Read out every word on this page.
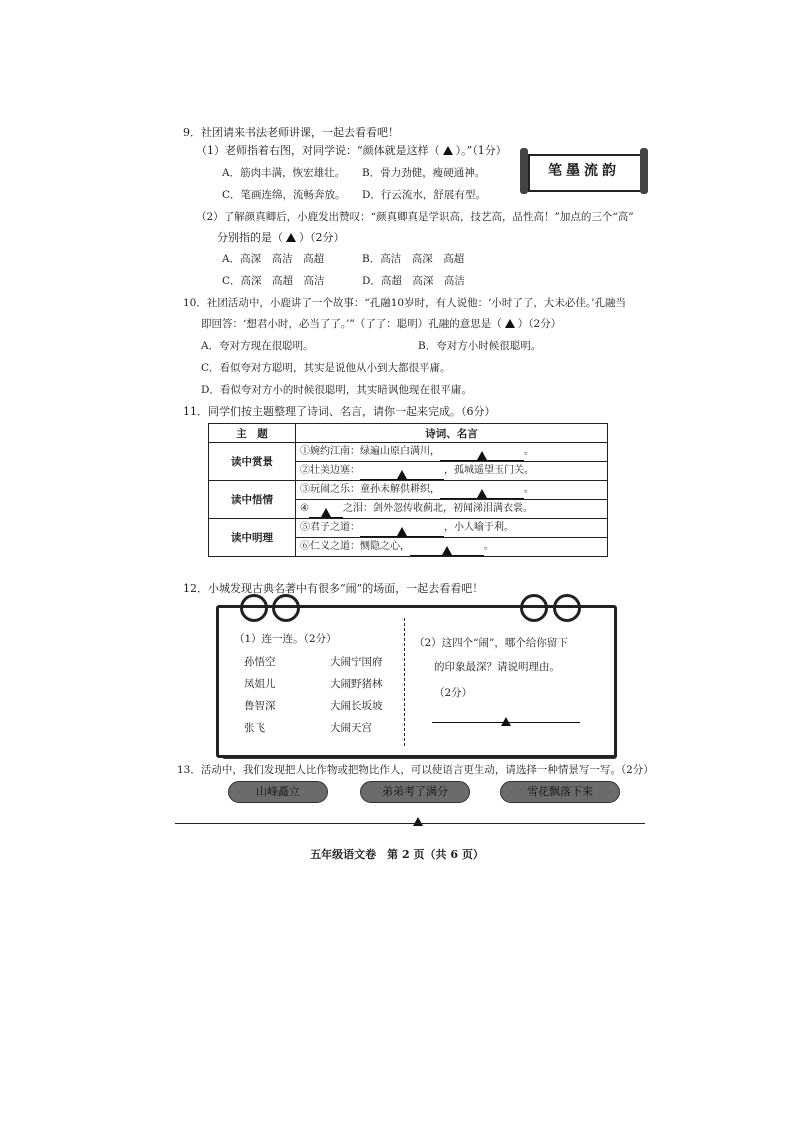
9．社团请来书法老师讲课，一起去看看吧！
（1）老师指着右图，对同学说：“颜体就是这样（ ）。”（1分）
A．筋肉丰满，恢宏雄壮。 B．骨力劲健，瘦硬通神。
C．笔画连绵，流畅奔放。 D．行云流水，舒展有型。
笔墨流韵
（2）了解颜真卿后，小鹿发出赞叹：“颜真卿真是学识高，技艺高，品性高！”加点的三个“高”
分别指的是（ ）（2分）
A．高深　高洁　高超	B．高洁　高深　高超
C．高深　高超　高洁	D．高超　高深　高洁
10．社团活动中，小鹿讲了一个故事：“孔融10岁时，有人说他：‘小时了了，大未必佳。’孔融当
即回答：‘想君小时，必当了了。’”（了了：聪明）孔融的意思是（ ）（2分）
A．夸对方现在很聪明。	B．夸对方小时候很聪明。
C．看似夸对方聪明，其实是说他从小到大都很平庸。
D．看似夸对方小的时候很聪明，其实暗讽他现在很平庸。
11．同学们按主题整理了诗词、名言，请你一起来完成。（6分）
主　题	诗词、名言
读中赏景	①婉约江南：绿遍山原白满川， 。
	②壮美边塞： ，孤城遥望玉门关。
读中悟情	③玩闹之乐：童孙未解供耕织， 。
	④ 之泪：剑外忽传收蓟北，初闻涕泪满衣裳。
读中明理	⑤君子之道： ，小人喻于利。
	⑥仁义之道：恻隐之心， 。
12．小城发现古典名著中有很多“闹”的场面，一起去看看吧！
（1）连一连。（2分）
孙悟空
凤姐儿
鲁智深
张飞
大闹宁国府
大闹野猪林
大闹长坂坡
大闹天宫
（2）这四个“闹”，哪个给你留下
的印象最深？请说明理由。
（2分）
13．活动中，我们发现把人比作物或把物比作人，可以使语言更生动，请选择一种情景写一写。（2分）
山峰矗立	弟弟考了满分	雪花飘落下来
五年级语文卷　第 2 页（共 6 页）
